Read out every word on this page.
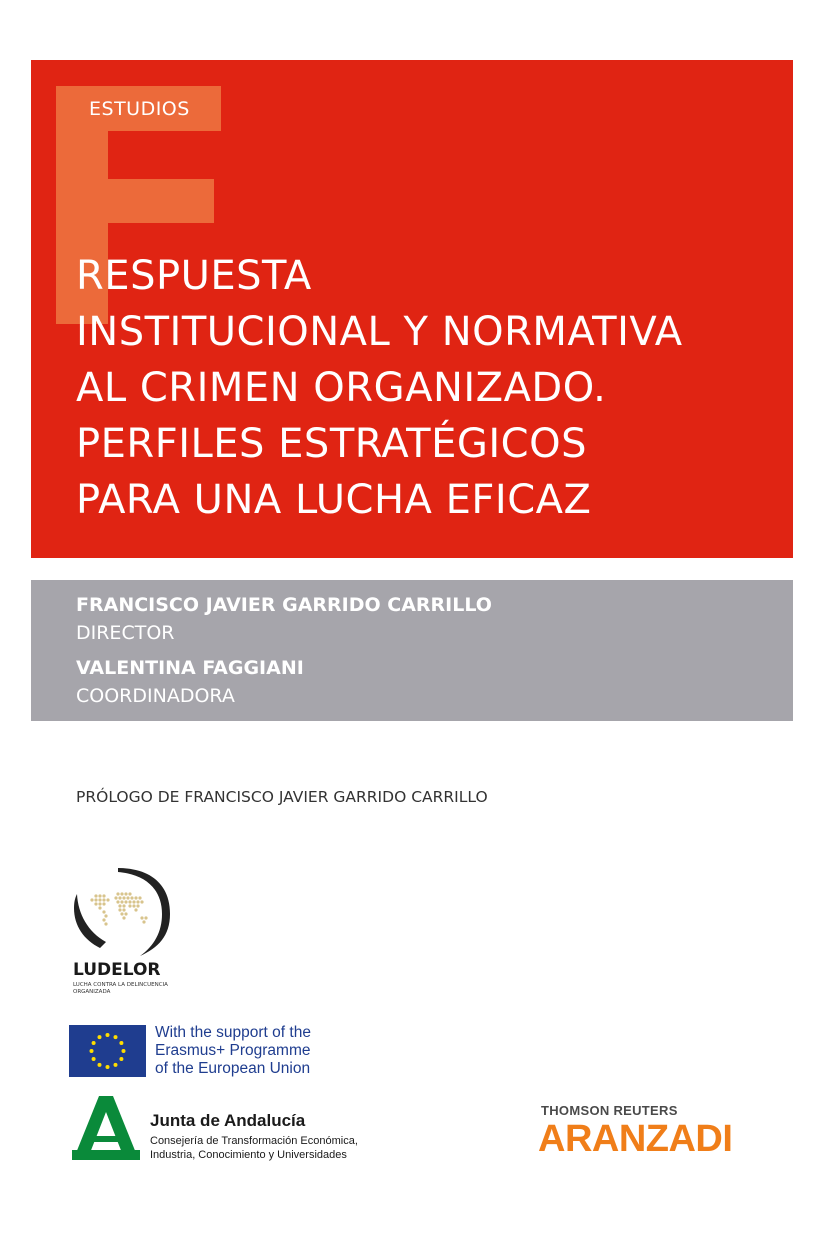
ESTUDIOS
RESPUESTA
INSTITUCIONAL Y NORMATIVA
AL CRIMEN ORGANIZADO.
PERFILES ESTRATÉGICOS
PARA UNA LUCHA EFICAZ
FRANCISCO JAVIER GARRIDO CARRILLO
DIRECTOR
VALENTINA FAGGIANI
COORDINADORA
PRÓLOGO DE FRANCISCO JAVIER GARRIDO CARRILLO
LUDELOR
LUCHA CONTRA LA DELINCUENCIA ORGANIZADA
With the support of the
Erasmus+ Programme
of the European Union
Junta de Andalucía
Consejería de Transformación Económica,
Industria, Conocimiento y Universidades
THOMSON REUTERS
ARANZADI
